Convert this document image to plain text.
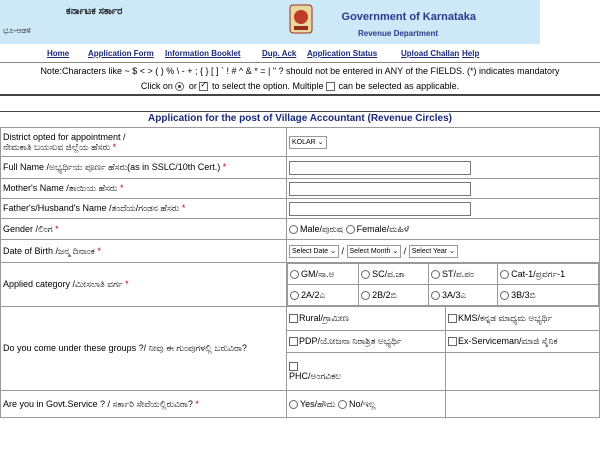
ಕರ್ನಾಟಕ ಸರ್ಕಾರ
ಭೂ-ಆಡಳಿ
Government of Karnataka
Revenue Department
Home Application Form Information Booklet	Dup. Ack Application Status	Upload Challan Help
Note:Characters like ~ $ < > ( ) % \ - + ; { } [ ] ` ! # ^ & * = | " ? should not be entered in ANY of the FIELDS. (*) indicates mandatory
Click on or ✓ to select the option. Multiple can be selected as applicable.
Application for the post of Village Accountant (Revenue Circles)
District opted for appointment /
ನೇಮಕಾತಿ ಬಯಸುವ ಜಿಲ್ಲೆಯ ಹೆಸರು *	KOLAR ⌄
Full Name /ಅಭ್ಯರ್ಥಿಯ ಪೂರ್ಣ ಹೆಸರು(as in SSLC/10th Cert.) *	
Mother's Name /ತಾಯಿಯ ಹೆಸರು *	
Father's/Husband's Name /ತಂದೆಯ/ಗಂಡನ ಹೆಸರು *	
Gender /ಲಿಂಗ *	Male/ಪುರುಷ Female/ಮಹಿಳೆ
Date of Birth /ಜನ್ಮ ದಿನಾಂಕ *	Select Date ⌄ / Select Month ⌄ / Select Year ⌄
Applied category /ಮೀಸಲಾತಿ ವರ್ಗ *	
GM/ಸಾ.ಅ	SC/ಪ.ಜಾ	ST/ಪ.ಪಂ	Cat-1/ಪ್ರವರ್ಗ-1
2A/2ಎ	2B/2ಬಿ	3A/3ಎ	3B/3ಬಿ

Do you come under these groups ?/ ನೀವು ಈ ಗುಂಪುಗಳಲ್ಲಿ ಬರುವಿರಾ?	Rural/ಗ್ರಾಮೀಣ	KMS/ಕನ್ನಡ ಮಾಧ್ಯಮ ಅಭ್ಯರ್ಥಿ
PDP/ಯೋಜನಾ ನಿರಾಶ್ರಿತ ಅಭ್ಯರ್ಥಿ	Ex-Serviceman/ಮಾಜಿ ಸೈನಿಕ

PHC/ಅಂಗವಿಕಲ	
Are you in Govt.Service ? / ಸರ್ಕಾರಿ ಸೇವೆಯಲ್ಲಿರುವಿರಾ? *	Yes/ಹೌದು No/ಇಲ್ಲ	
